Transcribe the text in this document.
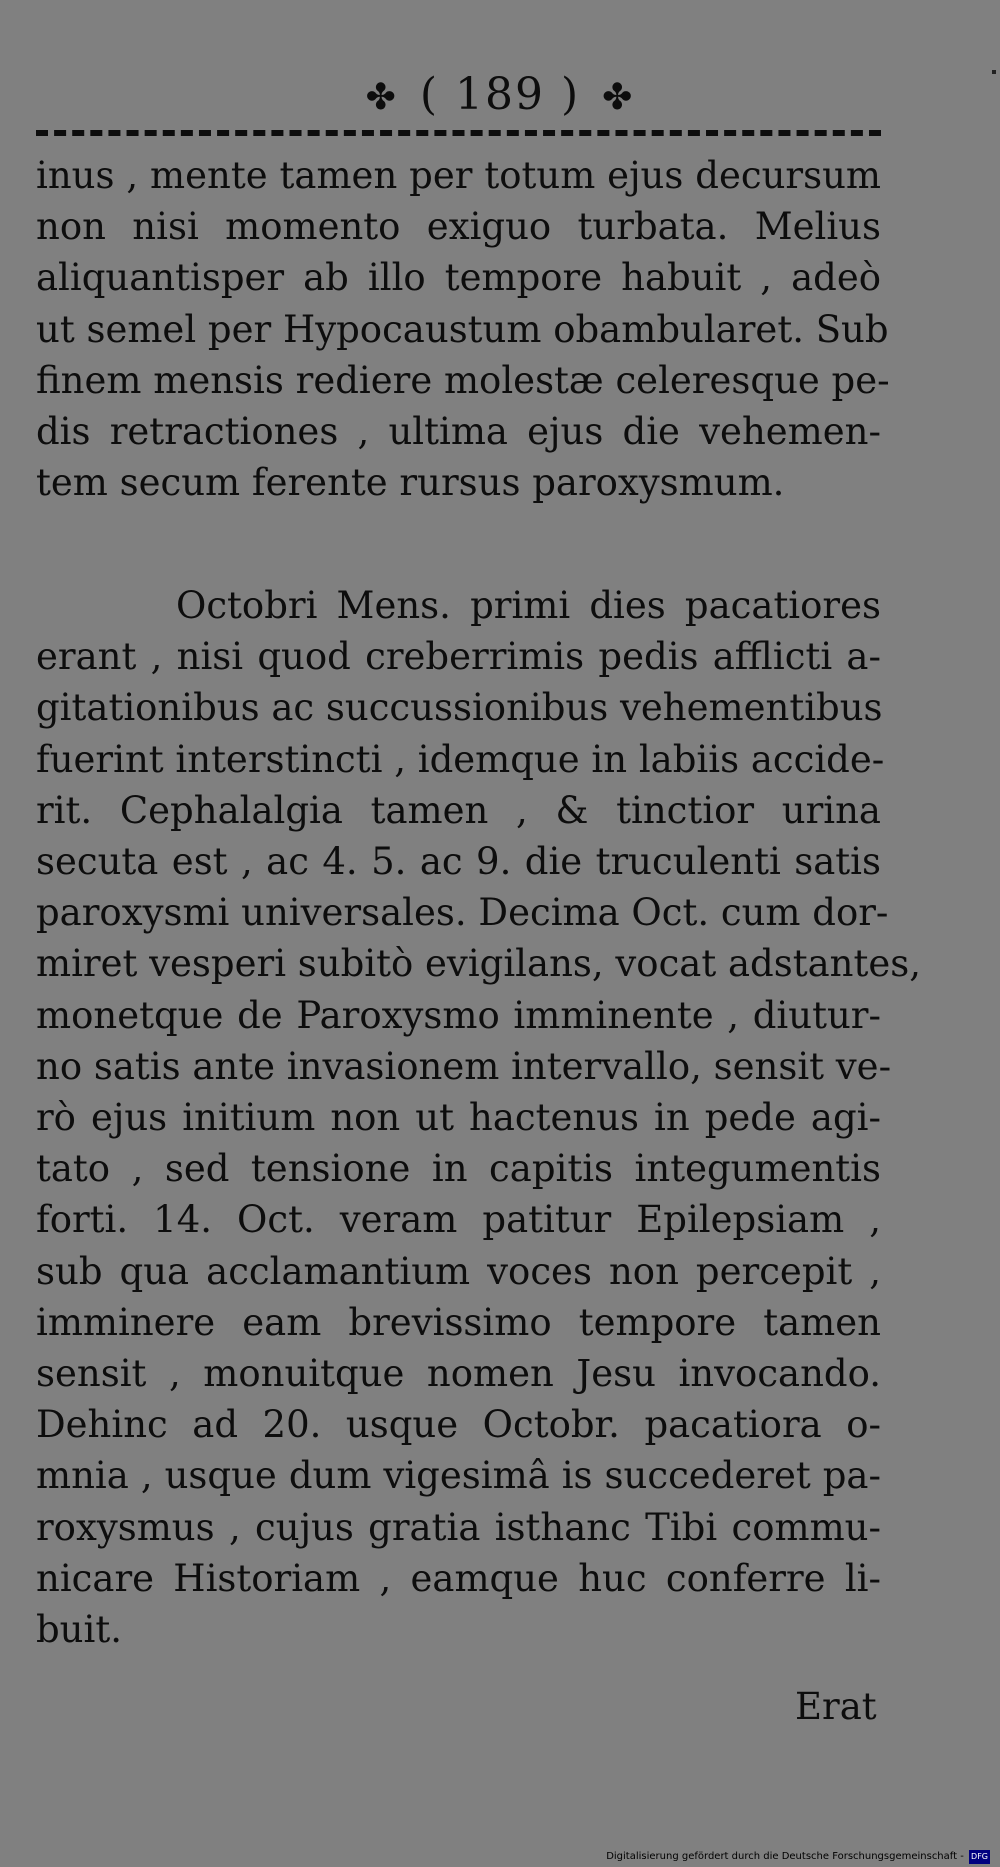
✤ ( 189 ) ✤
inus , mente tamen per totum ejus decursum
non nisi momento exiguo turbata. Melius
aliquantisper ab illo tempore habuit , adeò
ut semel per Hypocaustum obambularet. Sub
finem mensis rediere molestæ celeresque pe-
dis retractiones , ultima ejus die vehemen-
tem secum ferente rursus paroxysmum.
Octobri Mens. primi dies pacatiores
erant , nisi quod creberrimis pedis afflicti a-
gitationibus ac succussionibus vehementibus
fuerint interstincti , idemque in labiis accide-
rit. Cephalalgia tamen , & tinctior urina
secuta est , ac 4. 5. ac 9. die truculenti satis
paroxysmi universales. Decima Oct. cum dor-
miret vesperi subitò evigilans, vocat adstantes,
monetque de Paroxysmo imminente , diutur-
no satis ante invasionem intervallo, sensit ve-
rò ejus initium non ut hactenus in pede agi-
tato , sed tensione in capitis integumentis
forti. 14. Oct. veram patitur Epilepsiam ,
sub qua acclamantium voces non percepit ,
imminere eam brevissimo tempore tamen
sensit , monuitque nomen Jesu invocando.
Dehinc ad 20. usque Octobr. pacatiora o-
mnia , usque dum vigesimâ is succederet pa-
roxysmus , cujus gratia isthanc Tibi commu-
nicare Historiam , eamque huc conferre li-
buit.
Erat
Digitalisierung gefördert durch die Deutsche Forschungsgemeinschaft - DFG
